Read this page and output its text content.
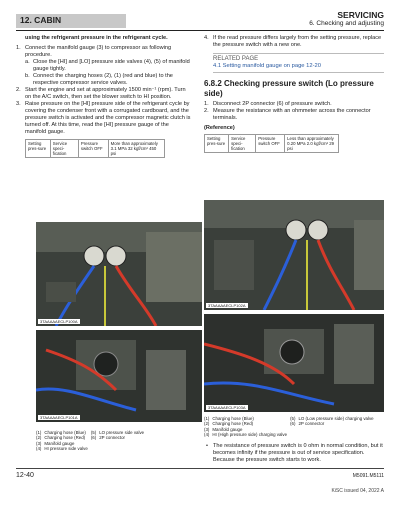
12. CABIN	SERVICING
6. Checking and adjusting

using the refrigerant pressure in the refrigerant cycle.

1. Connect the manifold gauge (3) to compressor as following procedure.

a. Close the [HI] and [LO] pressure side valves (4), (5) of manifold gauge tightly.

b. Connect the charging hoses (2), (1) (red and blue) to the respective compressor service valves.

2. Start the engine and set at approximately 1500 min⁻¹ (rpm). Turn on the A/C switch, then set the blower switch to HI position.

3. Raise pressure on the [HI] pressure side of the refrigerant cycle by covering the condenser front with a corrugated cardboard, and the pressure switch is activated and the compressor magnetic clutch is turned off. At this time, read the [HI] pressure gauge of the manifold gauge.

Setting pres-sure	Service speci-fication	Pressure switch OFF	More than approximately 3.1 MPa 32 kgf/cm² 450 psi
3TAAAAAECLP100A
3TAAAAAECLP101A
(1)	Charging hose (Blue)	(5)	LO pressure side valve
(2)	Charging hose (Red)	(6)	2P connector
(3)	Manifold gauge		
(4)	HI pressure side valve		

4. If the read pressure differs largely from the setting pressure, replace the pressure switch with a new one.

RELATED PAGE
4.1 Setting manifold gauge on page 12-20
6.8.2 Checking pressure switch (Lo pressure side)

1. Disconnect 2P connector (6) of pressure switch.

2. Measure the resistance with an ohmmeter across the connector terminals.

(Reference)
Setting pres-sure	Service speci-fication	Pressure switch OFF	Less than approximately 0.20 MPa 2.0 kgf/cm² 29 psi
3TAAAAAECLP102A
3TAAAAAECLP103A
(1)	Charging hose (Blue)	(5)	LO (Low pressure side) charging valve
(2)	Charging hose (Red)	(6)	2P connector
(3)	Manifold gauge		
(4)	HI (High pressure side) charging valve		
• The resistance of pressure switch is 0 ohm in normal condition, but it becomes infinity if the pressure is out of service specification. Because the pressure switch starts to work.
12-40	M5091.M5111
KiSC issued 04, 2022 A
